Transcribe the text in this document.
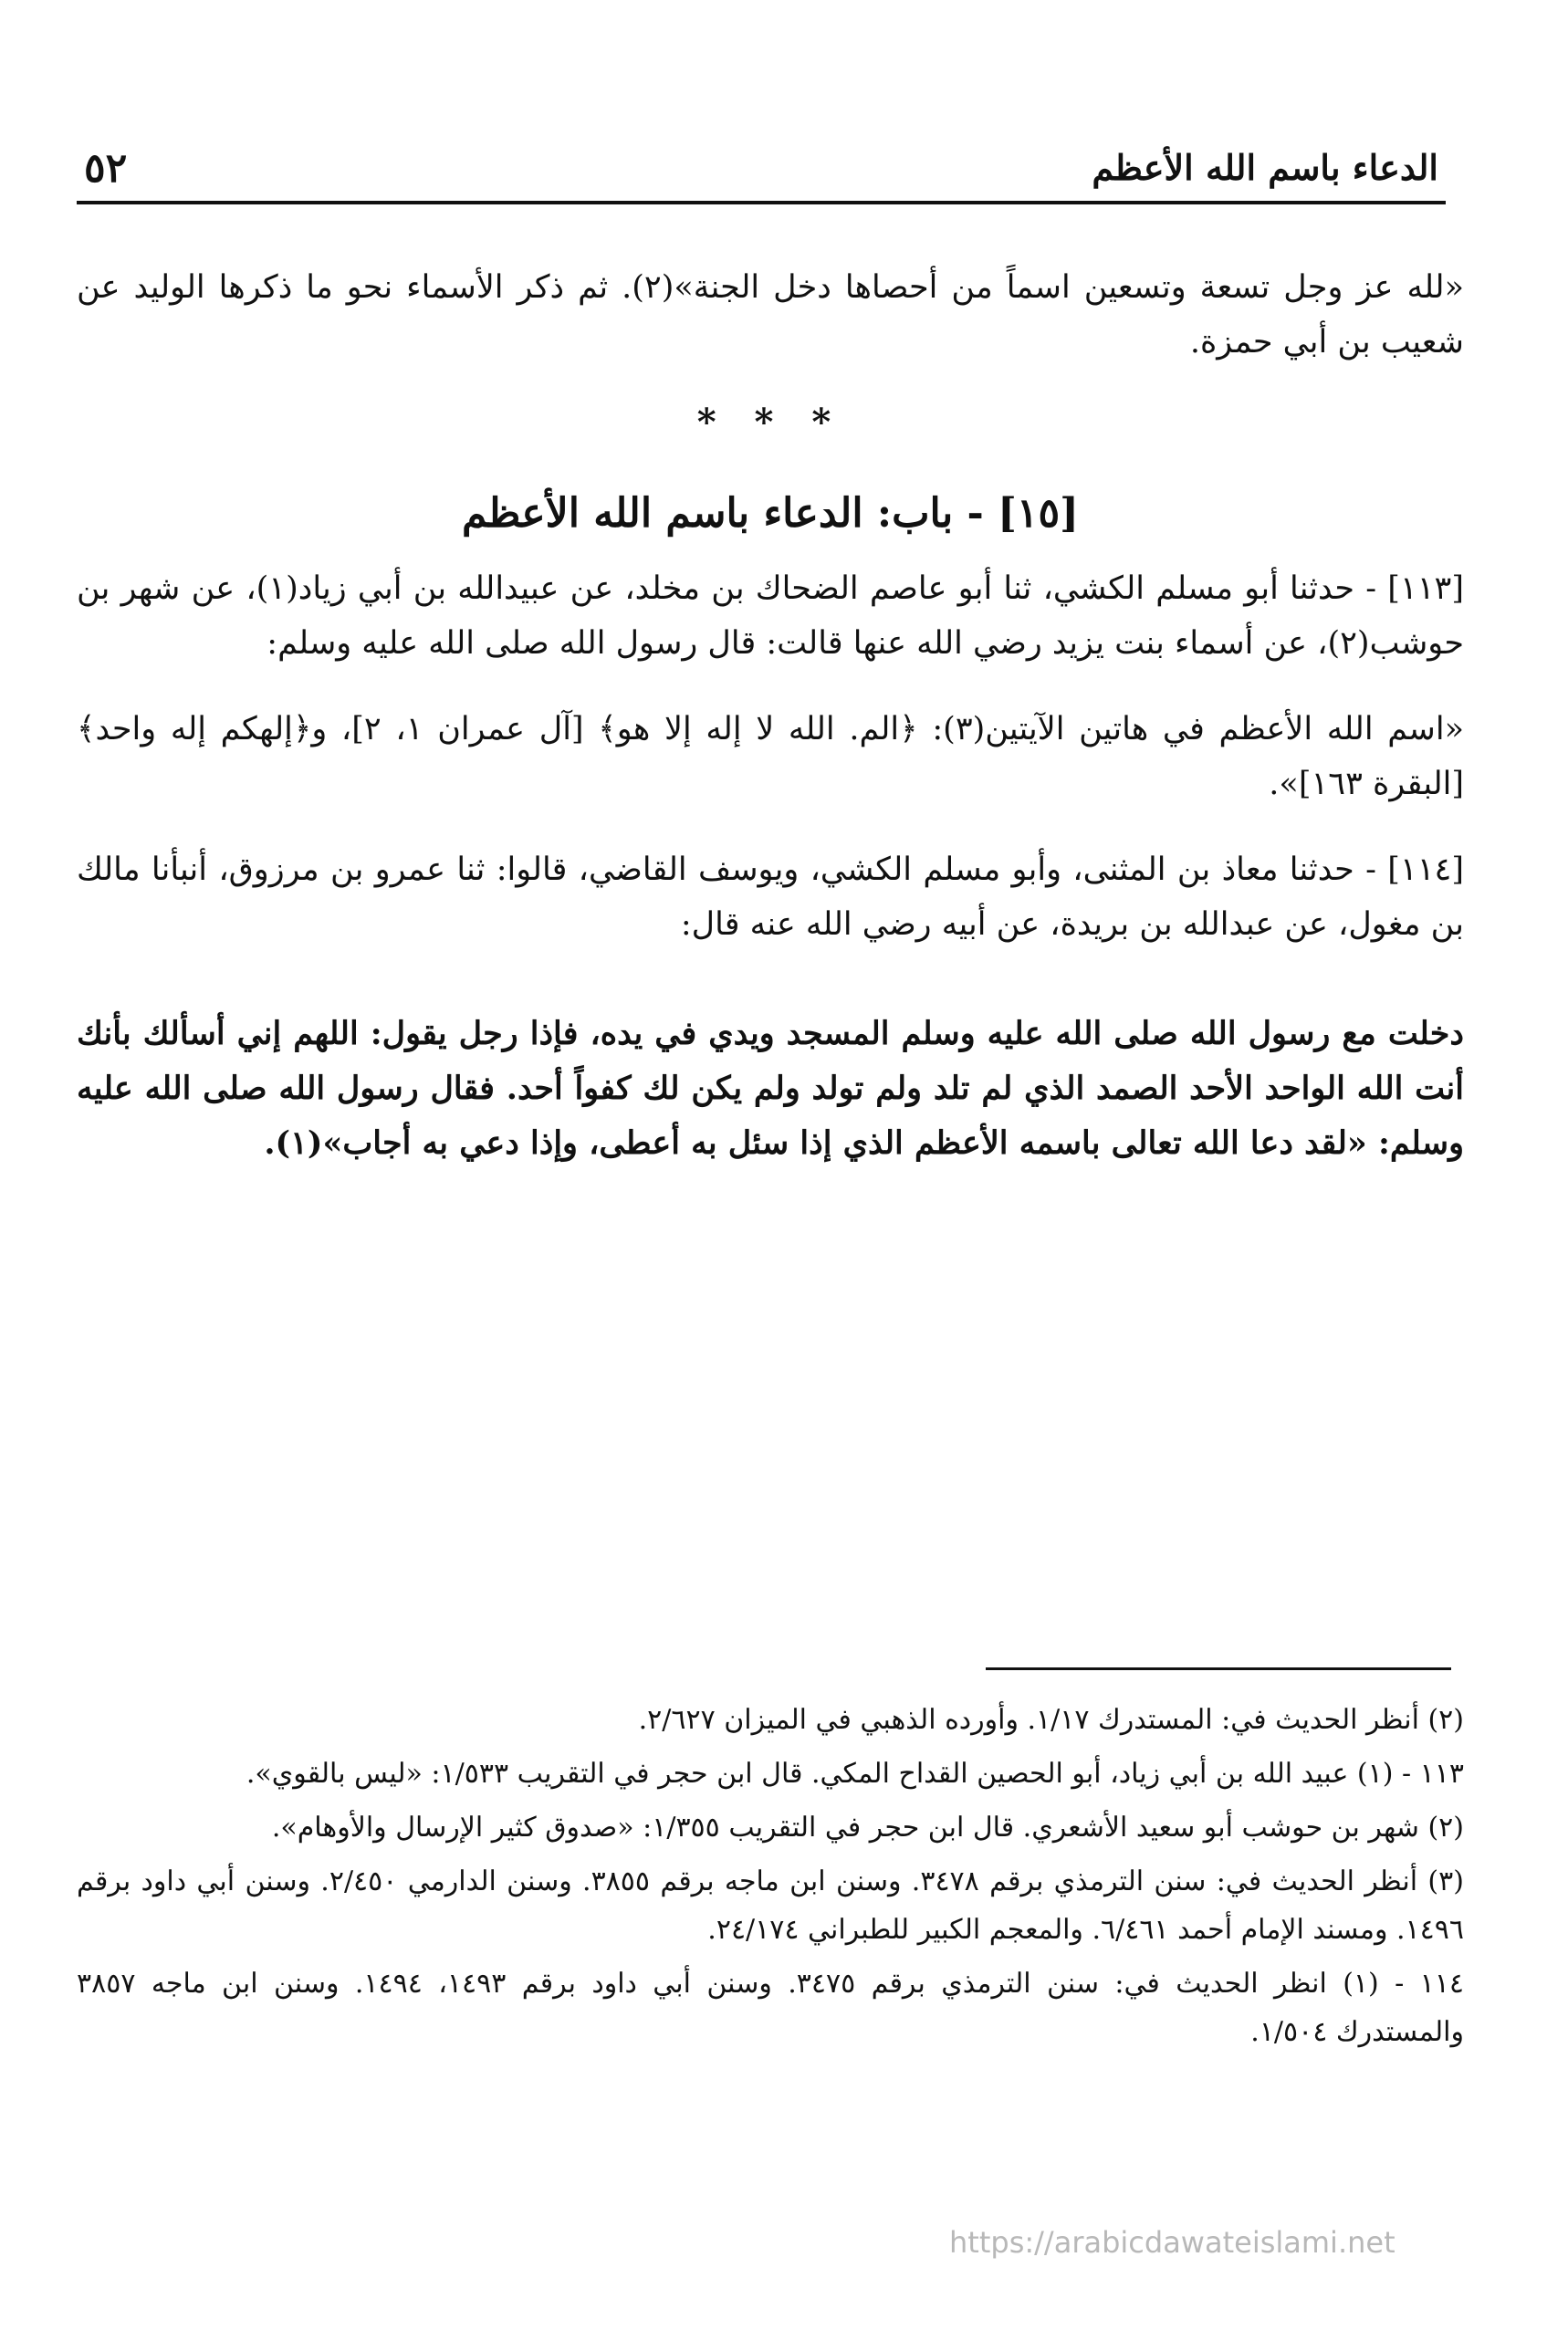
٥٢	الدعاء باسم الله الأعظم

«لله عز وجل تسعة وتسعين اسماً من أحصاها دخل الجنة»(٢). ثم ذكر الأسماء نحو ما ذكرها الوليد عن شعيب بن أبي حمزة.

* * *
[١٥] - باب: الدعاء باسم الله الأعظم

[١١٣] - حدثنا أبو مسلم الكشي، ثنا أبو عاصم الضحاك بن مخلد، عن عبيدالله بن أبي زياد(١)، عن شهر بن حوشب(٢)، عن أسماء بنت يزيد رضي الله عنها قالت: قال رسول الله صلى الله عليه وسلم:

«اسم الله الأعظم في هاتين الآيتين(٣): ﴿الم. الله لا إله إلا هو﴾ [آل عمران ١، ٢]، و﴿إلهكم إله واحد﴾ [البقرة ١٦٣]».

[١١٤] - حدثنا معاذ بن المثنى، وأبو مسلم الكشي، ويوسف القاضي، قالوا: ثنا عمرو بن مرزوق، أنبأنا مالك بن مغول، عن عبدالله بن بريدة، عن أبيه رضي الله عنه قال:

دخلت مع رسول الله صلى الله عليه وسلم المسجد ويدي في يده، فإذا رجل يقول: اللهم إني أسألك بأنك أنت الله الواحد الأحد الصمد الذي لم تلد ولم تولد ولم يكن لك كفواً أحد. فقال رسول الله صلى الله عليه وسلم: «لقد دعا الله تعالى باسمه الأعظم الذي إذا سئل به أعطى، وإذا دعي به أجاب»(١).

(٢) أنظر الحديث في: المستدرك ١/١٧. وأورده الذهبي في الميزان ٢/٦٢٧.

١١٣ - (١) عبيد الله بن أبي زياد، أبو الحصين القداح المكي. قال ابن حجر في التقريب ١/٥٣٣: «ليس بالقوي».

(٢) شهر بن حوشب أبو سعيد الأشعري. قال ابن حجر في التقريب ١/٣٥٥: «صدوق كثير الإرسال والأوهام».

(٣) أنظر الحديث في: سنن الترمذي برقم ٣٤٧٨. وسنن ابن ماجه برقم ٣٨٥٥. وسنن الدارمي ٢/٤٥٠. وسنن أبي داود برقم ١٤٩٦. ومسند الإمام أحمد ٦/٤٦١. والمعجم الكبير للطبراني ٢٤/١٧٤.

١١٤ - (١) انظر الحديث في: سنن الترمذي برقم ٣٤٧٥. وسنن أبي داود برقم ١٤٩٣، ١٤٩٤. وسنن ابن ماجه ٣٨٥٧ والمستدرك ١/٥٠٤.

https://arabicdawateislami.net
